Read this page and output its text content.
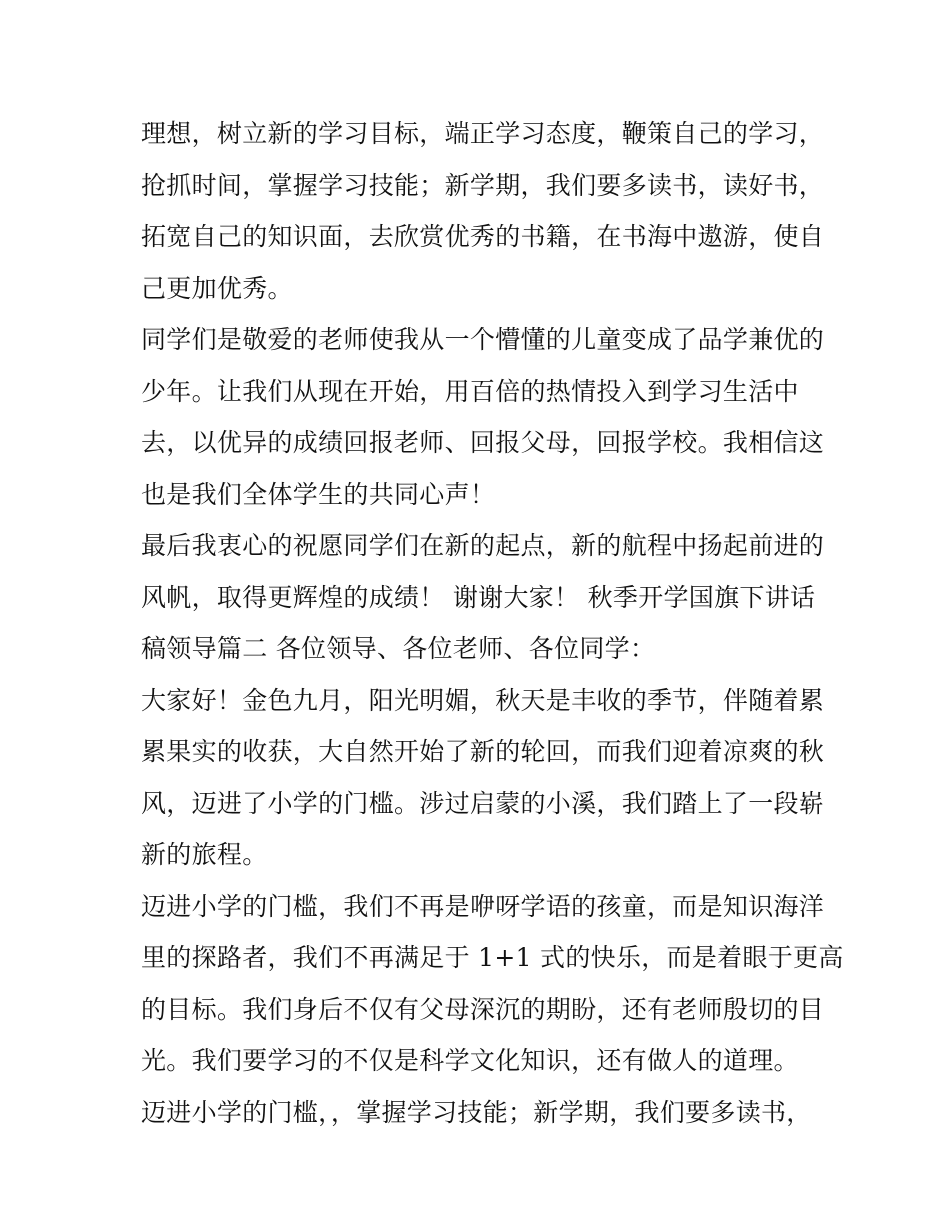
理想，树立新的学习目标，端正学习态度，鞭策自己的学习，
抢抓时间，掌握学习技能；新学期，我们要多读书，读好书，
拓宽自己的知识面，去欣赏优秀的书籍，在书海中遨游，使自
己更加优秀。
同学们是敬爱的老师使我从一个懵懂的儿童变成了品学兼优的
少年。让我们从现在开始，用百倍的热情投入到学习生活中
去，以优异的成绩回报老师、回报父母，回报学校。我相信这
也是我们全体学生的共同心声！
最后我衷心的祝愿同学们在新的起点，新的航程中扬起前进的
风帆，取得更辉煌的成绩！ 谢谢大家！ 秋季开学国旗下讲话
稿领导篇二 各位领导、各位老师、各位同学：
大家好！金色九月，阳光明媚，秋天是丰收的季节，伴随着累
累果实的收获，大自然开始了新的轮回，而我们迎着凉爽的秋
风，迈进了小学的门槛。涉过启蒙的小溪，我们踏上了一段崭
新的旅程。
迈进小学的门槛，我们不再是咿呀学语的孩童，而是知识海洋
里的探路者，我们不再满足于 1+1 式的快乐，而是着眼于更高
的目标。我们身后不仅有父母深沉的期盼，还有老师殷切的目
光。我们要学习的不仅是科学文化知识，还有做人的道理。
迈进小学的门槛，，掌握学习技能；新学期，我们要多读书，
